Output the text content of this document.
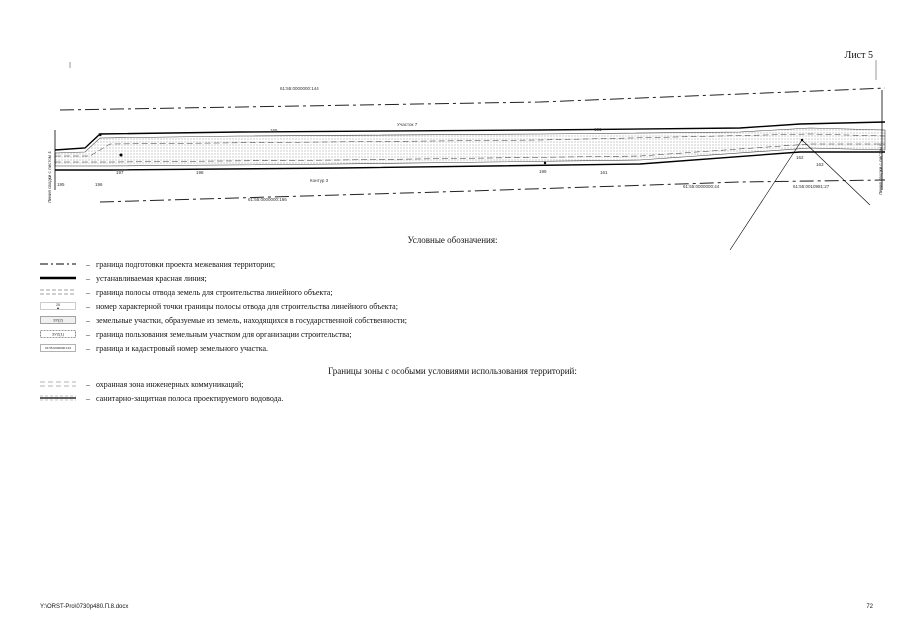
Лист 5
61:55:0000000:144
61:55:0000000:166
61:55:0000000:44	61:55:0010981:27
Участок 7
Контур 3
Линия сводки с листом 4	Линия сводки с листом 6
195	196
197	198	199	161
162
163
165	191
17
Условные обозначения:
– граница подготовки проекта межевания территории;
– устанавливаемая красная линия;
– граница полосы отвода земель для строительства линейного объекта;
25	– номер характерной точки границы полосы отвода для строительства линейного объекта;
ЗУ(2)	– земельные участки, образуемые из земель, находящихся в государственной собственности;
ЗУ2(1)	– граница пользования земельным участком для организации строительства;
61:55:0000000:123 – граница и кадастровый номер земельного участка.
Границы зоны с особыми условиями использования территорий:
– охранная зона инженерных коммуникаций;
– санитарно-защитная полоса проектируемого водовода.
Y:\ORST-Pro\0730р480.П.8.docx	72
